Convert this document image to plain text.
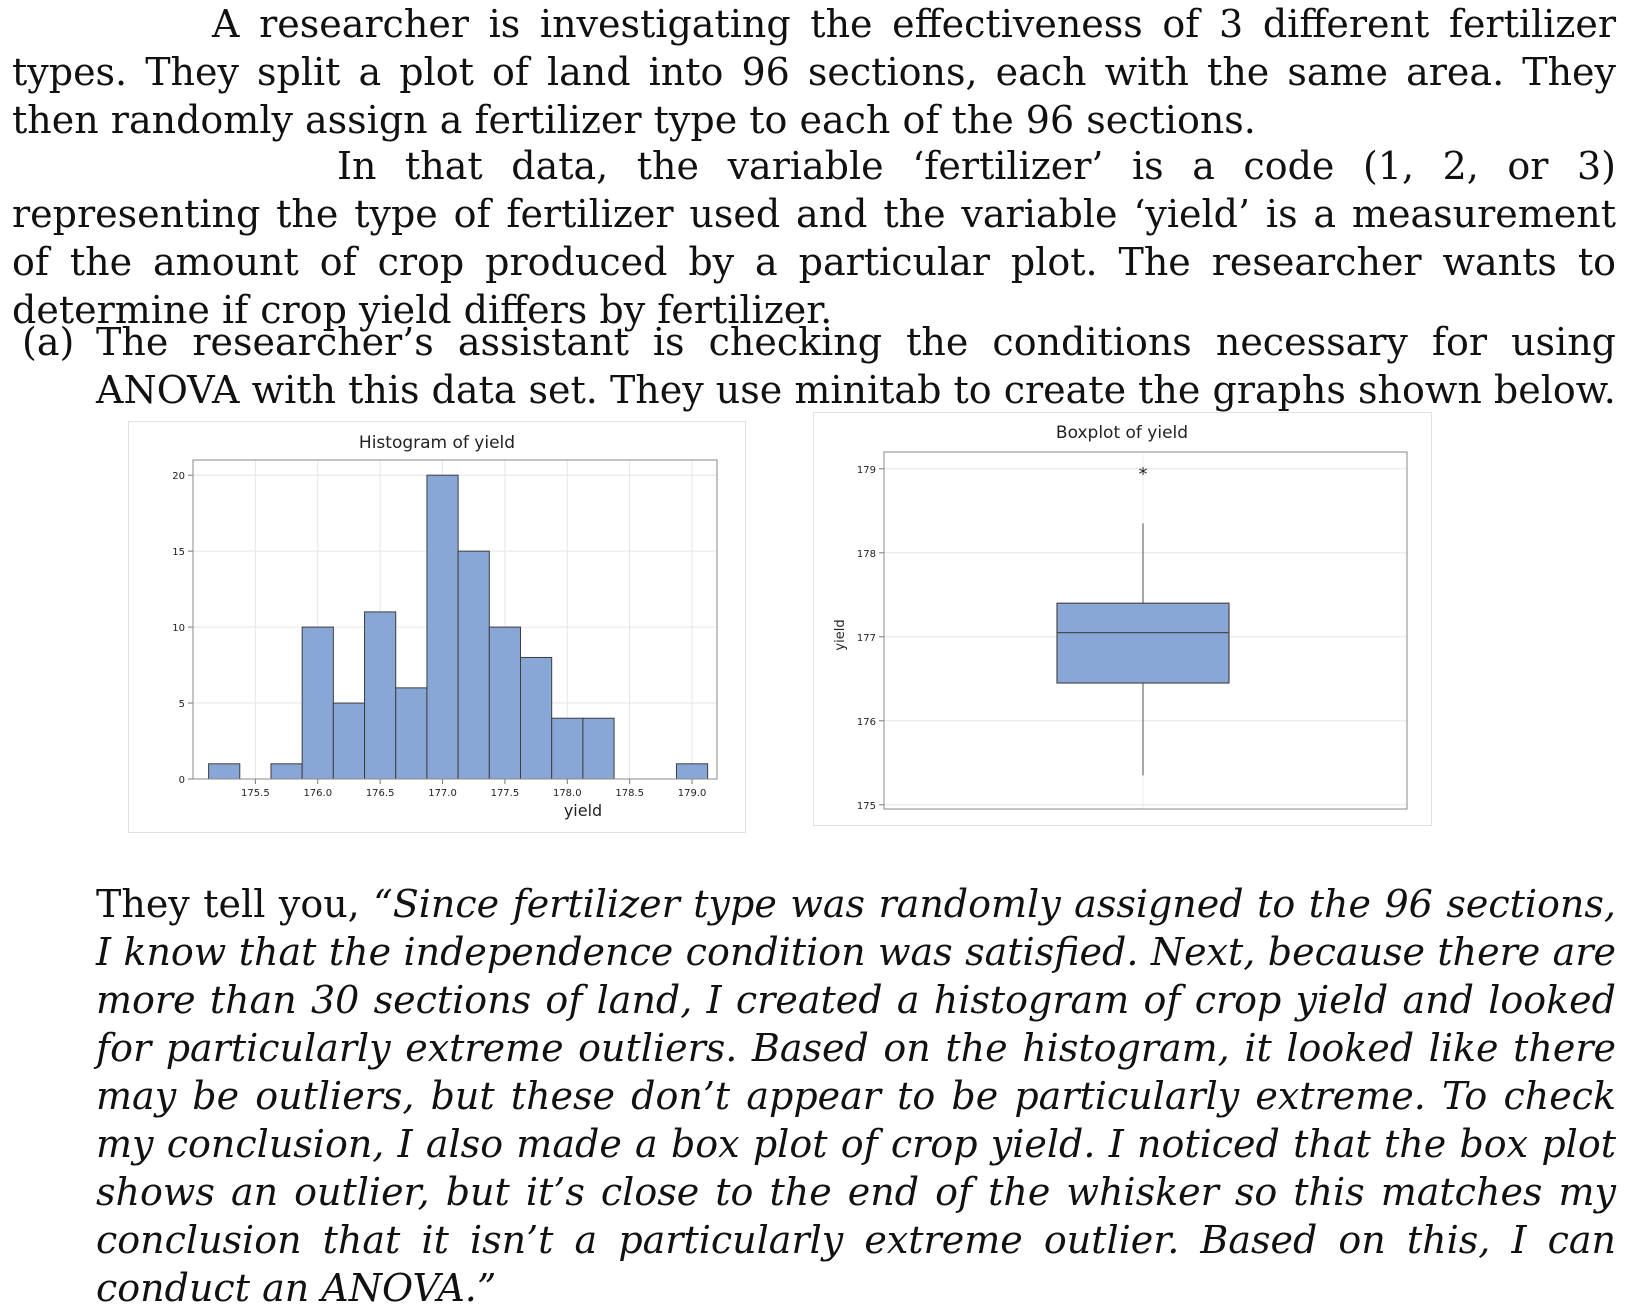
A researcher is investigating the effectiveness of 3 different fertilizer types. They split a plot of land into 96 sections, each with the same area. They then randomly assign a fertilizer type to each of the 96 sections.

In that data, the variable ‘fertilizer’ is a code (1, 2, or 3) representing the type of fertilizer used and the variable ‘yield’ is a measurement of the amount of crop produced by a particular plot. The researcher wants to determine if crop yield differs by fertilizer.

(a) The researcher’s assistant is checking the conditions necessary for using ANOVA with this data set. They use minitab to create the graphs shown below.
Histogram of yield
yield
0
5
10
15
20
175.5	176.0	176.5	177.0	177.5	178.0	178.5	179.0
Boxplot of yield
yield
175
176
177
178
179	*
They tell you, “Since fertilizer type was randomly assigned to the 96 sections, I know that the independence condition was satisfied. Next, because there are more than 30 sections of land, I created a histogram of crop yield and looked for particularly extreme outliers. Based on the histogram, it looked like there may be outliers, but these don’t appear to be particularly extreme. To check my conclusion, I also made a box plot of crop yield. I noticed that the box plot shows an outlier, but it’s close to the end of the whisker so this matches my conclusion that it isn’t a particularly extreme outlier. Based on this, I can conduct an ANOVA.”
